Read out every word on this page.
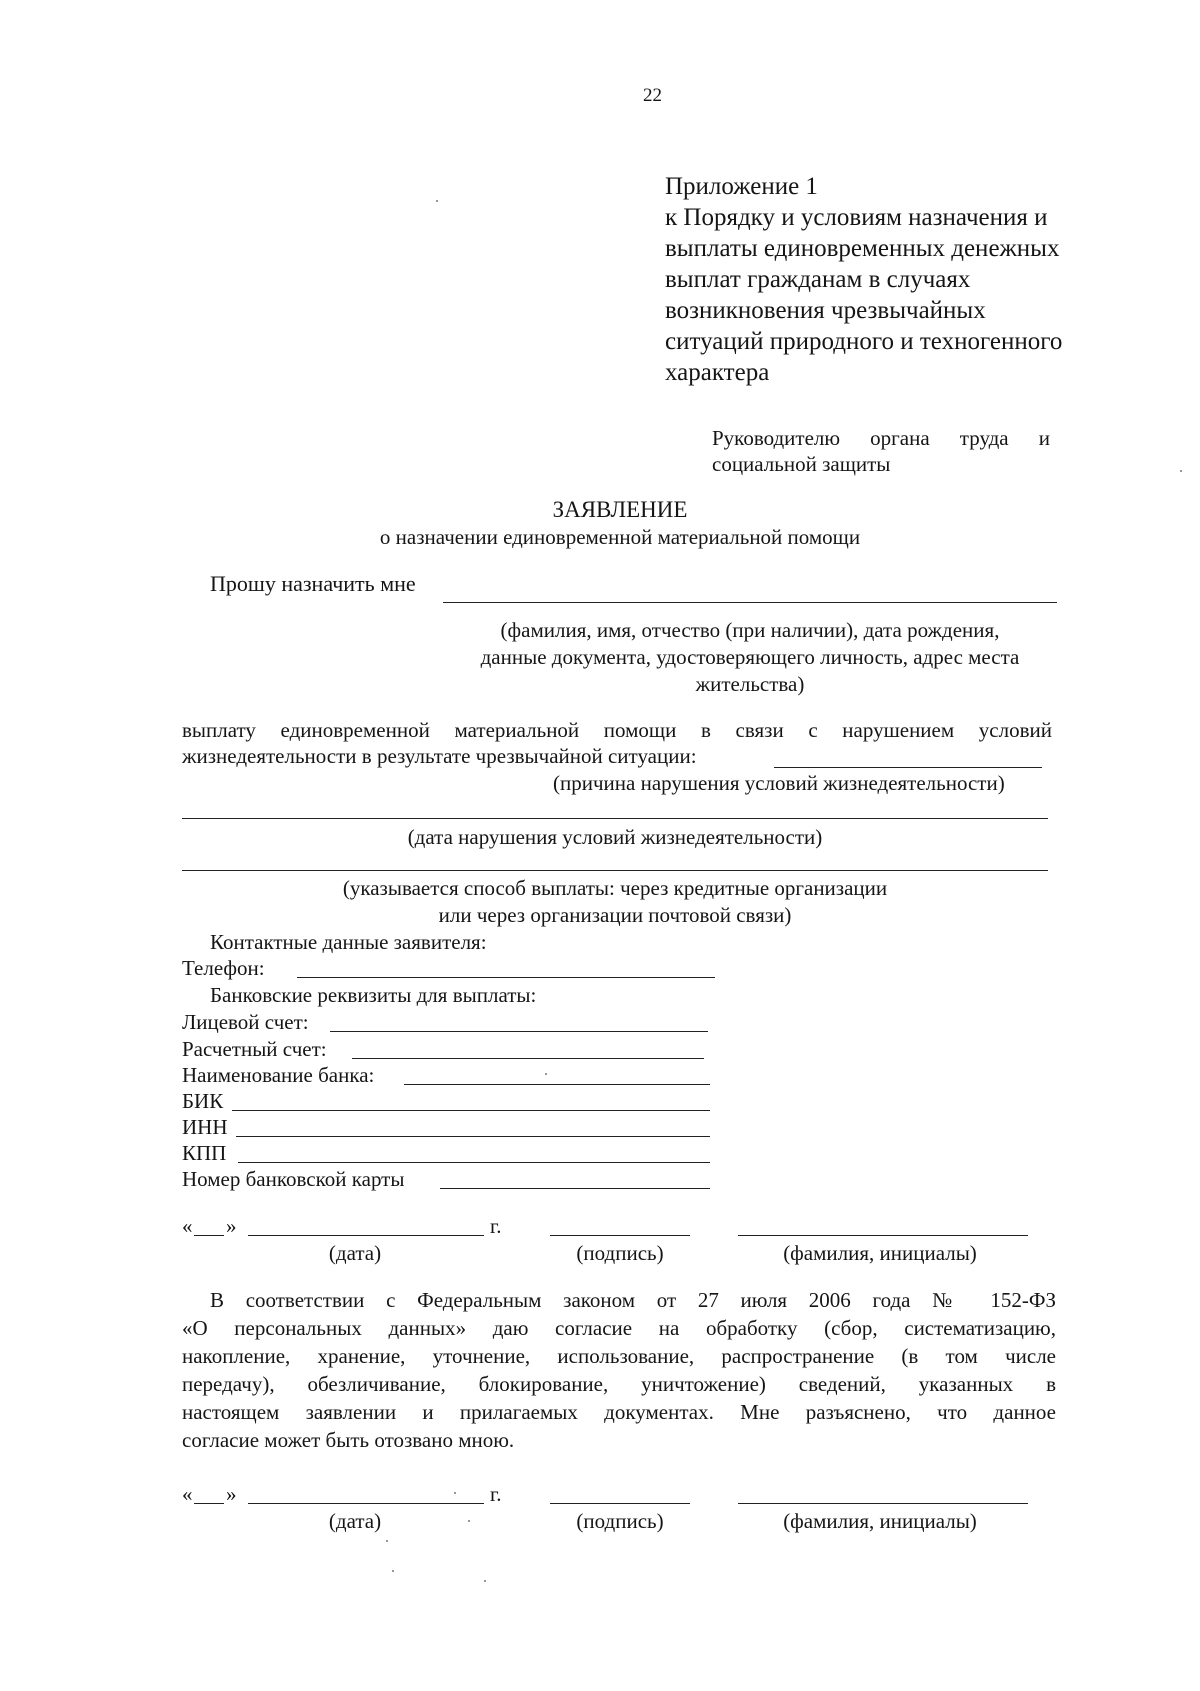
22
Приложение 1
к Порядку и условиям назначения и
выплаты единовременных денежных
выплат гражданам в случаях
возникновения чрезвычайных
ситуаций природного и техногенного
характера
Руководителю органа труда и
социальной защиты
ЗАЯВЛЕНИЕ
о назначении единовременной материальной помощи
Прошу назначить мне
(фамилия, имя, отчество (при наличии), дата рождения,
данные документа, удостоверяющего личность, адрес места
жительства)
выплату единовременной материальной помощи в связи с нарушением условий
жизнедеятельности в результате чрезвычайной ситуации:
(причина нарушения условий жизнедеятельности)
(дата нарушения условий жизнедеятельности)
(указывается способ выплаты: через кредитные организации
или через организации почтовой связи)
Контактные данные заявителя:
Телефон:
Банковские реквизиты для выплаты:
Лицевой счет:
Расчетный счет:
Наименование банка:
БИК
ИНН
КПП
Номер банковской карты
« »	г.
(дата)	(подпись)	(фамилия, инициалы)
В соответствии с Федеральным законом от 27 июля 2006 года № 152-ФЗ
«О персональных данных» даю согласие на обработку (сбор, систематизацию,
накопление, хранение, уточнение, использование, распространение (в том числе
передачу), обезличивание, блокирование, уничтожение) сведений, указанных в
настоящем заявлении и прилагаемых документах. Мне разъяснено, что данное
согласие может быть отозвано мною.
« »	г.
(дата)	(подпись)	(фамилия, инициалы)
